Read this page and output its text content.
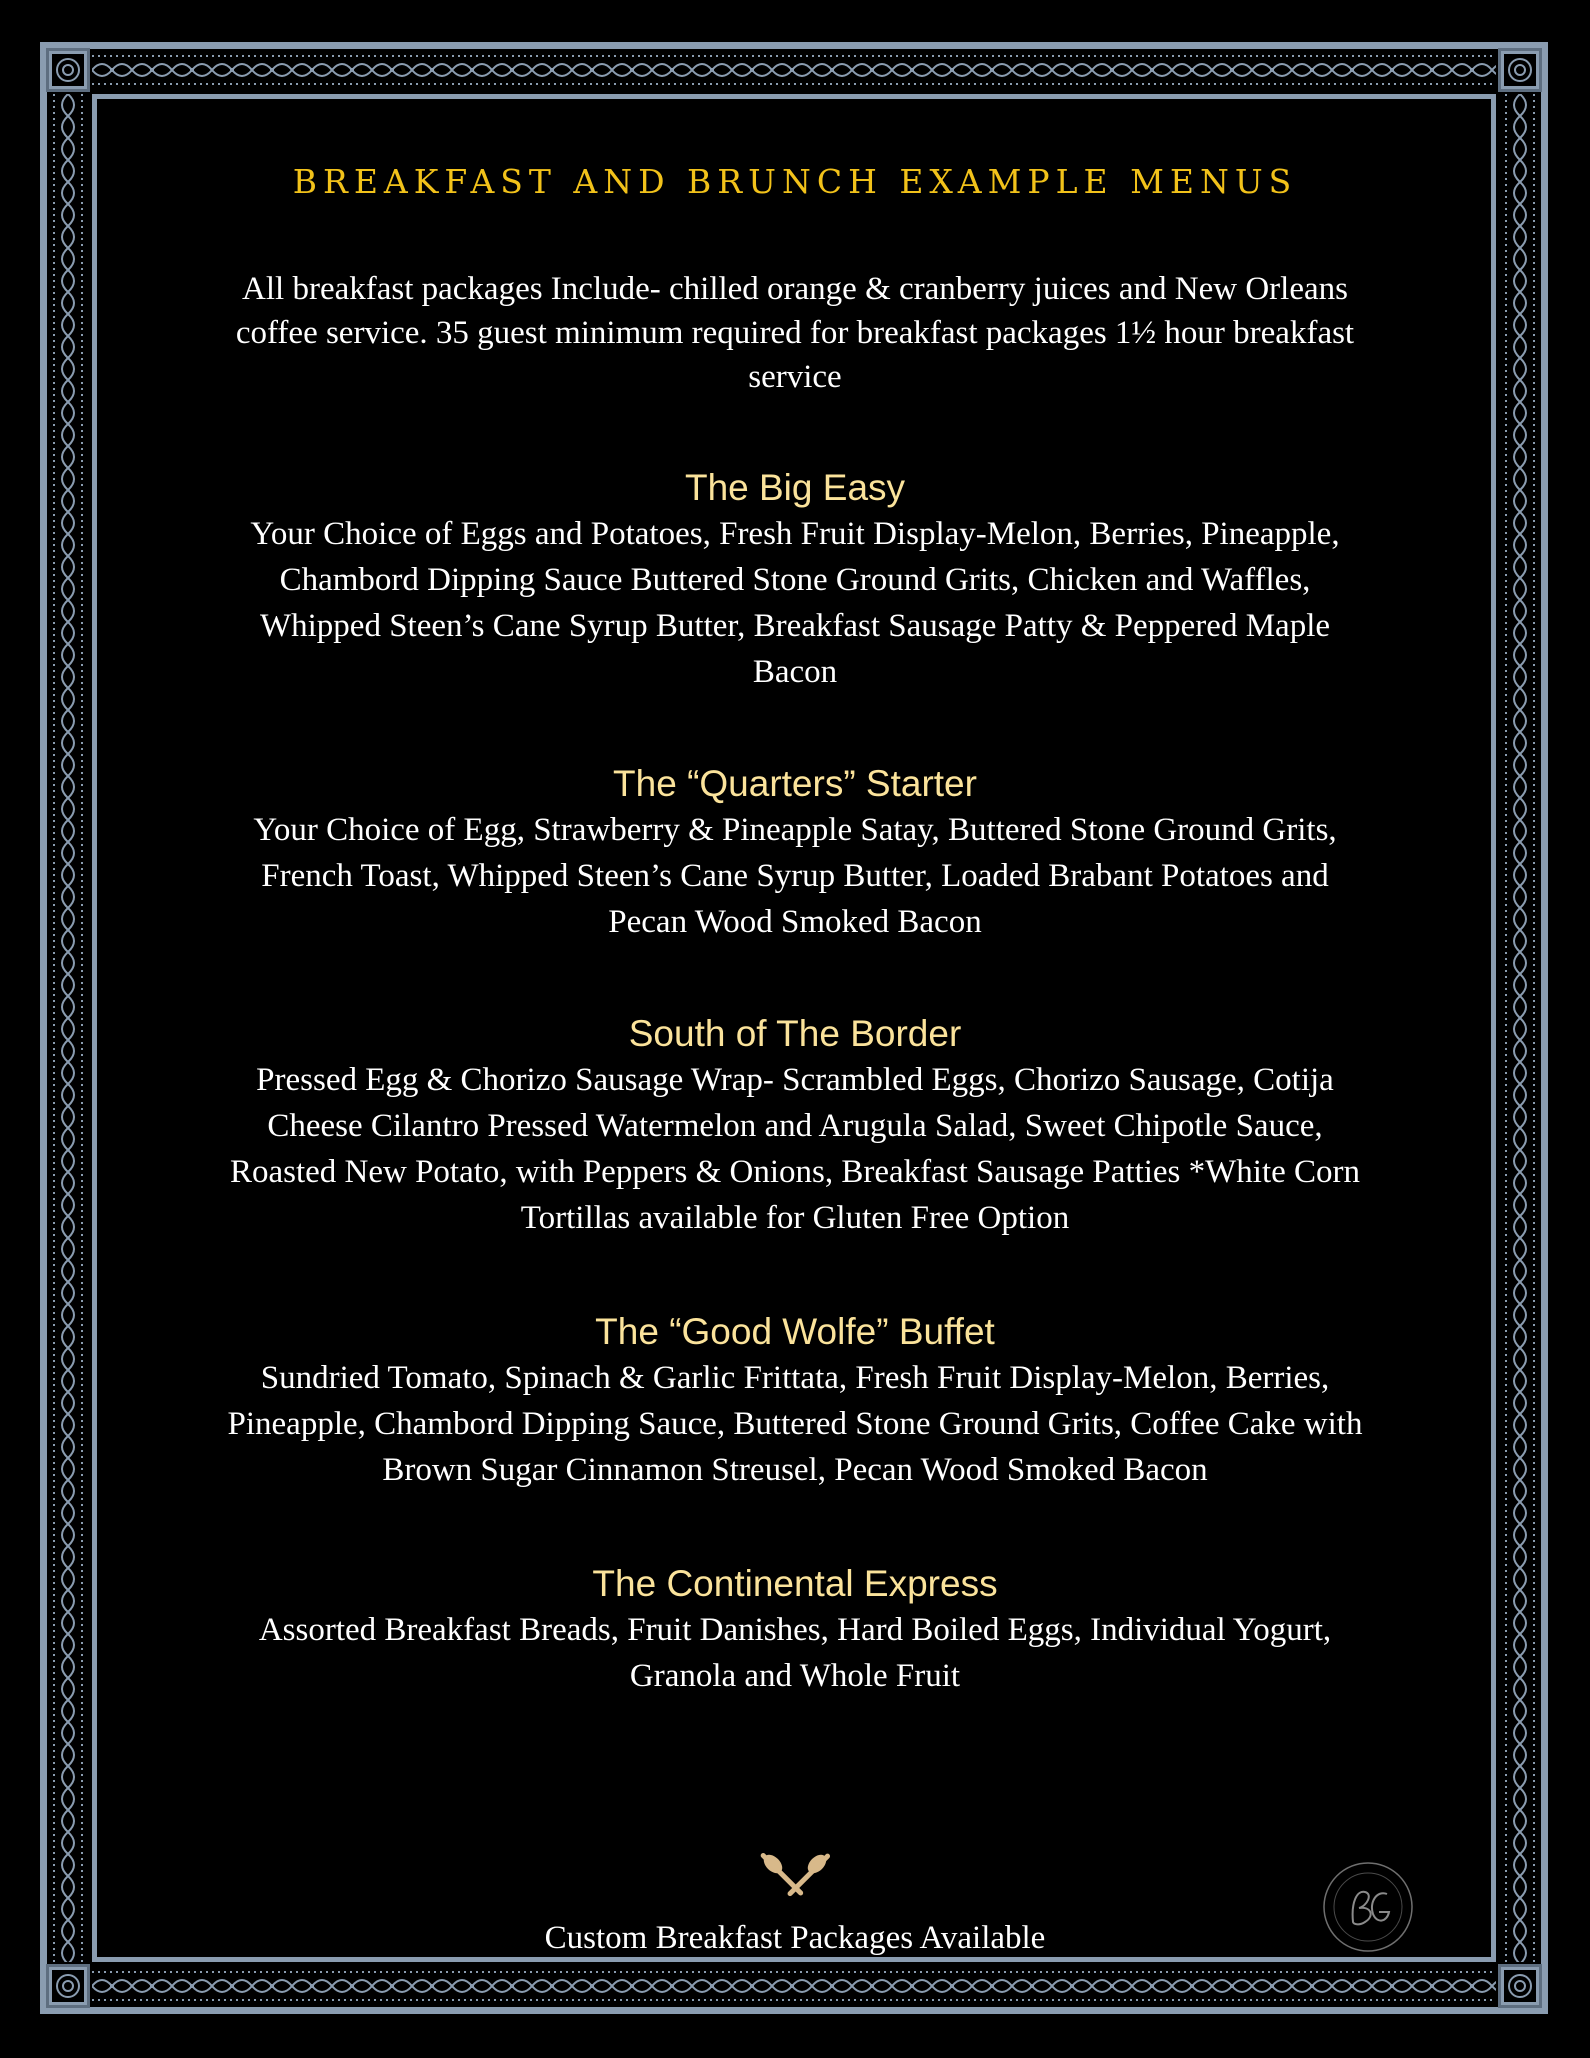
BREAKFAST AND BRUNCH EXAMPLE MENUS

All breakfast packages Include- chilled orange & cranberry juices and New Orleans coffee service. 35 guest minimum required for breakfast packages 1½ hour breakfast service

The Big Easy

Your Choice of Eggs and Potatoes, Fresh Fruit Display-Melon, Berries, Pineapple, Chambord Dipping Sauce Buttered Stone Ground Grits, Chicken and Waffles, Whipped Steen’s Cane Syrup Butter, Breakfast Sausage Patty & Peppered Maple Bacon

The “Quarters” Starter

Your Choice of Egg, Strawberry & Pineapple Satay, Buttered Stone Ground Grits, French Toast, Whipped Steen’s Cane Syrup Butter, Loaded Brabant Potatoes and Pecan Wood Smoked Bacon

South of The Border

Pressed Egg & Chorizo Sausage Wrap- Scrambled Eggs, Chorizo Sausage, Cotija Cheese Cilantro Pressed Watermelon and Arugula Salad, Sweet Chipotle Sauce, Roasted New Potato, with Peppers & Onions, Breakfast Sausage Patties *White Corn Tortillas available for Gluten Free Option

The “Good Wolfe” Buffet

Sundried Tomato, Spinach & Garlic Frittata, Fresh Fruit Display-Melon, Berries, Pineapple, Chambord Dipping Sauce, Buttered Stone Ground Grits, Coffee Cake with Brown Sugar Cinnamon Streusel, Pecan Wood Smoked Bacon

The Continental Express

Assorted Breakfast Breads, Fruit Danishes, Hard Boiled Eggs, Individual Yogurt, Granola and Whole Fruit

Custom Breakfast Packages Available
